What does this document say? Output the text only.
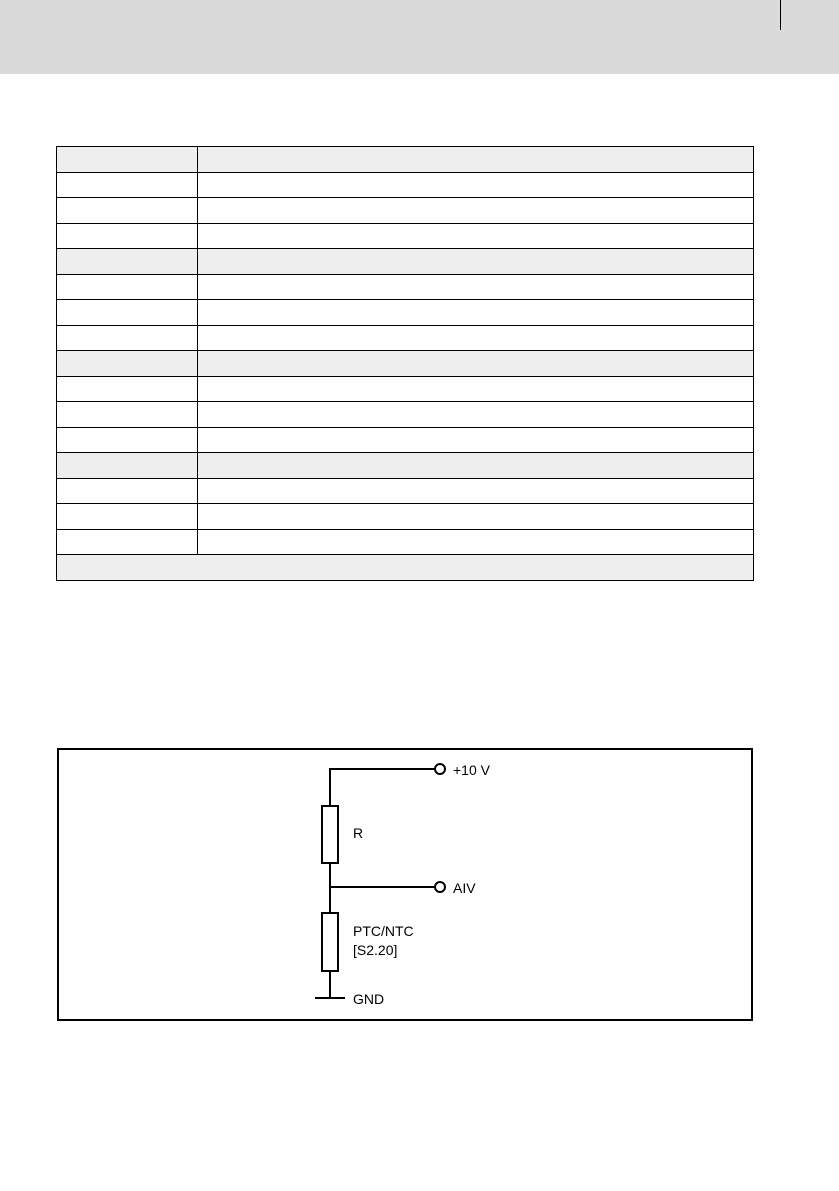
+10 V
R
AIV
PTC/NTC
[S2.20]
GND
